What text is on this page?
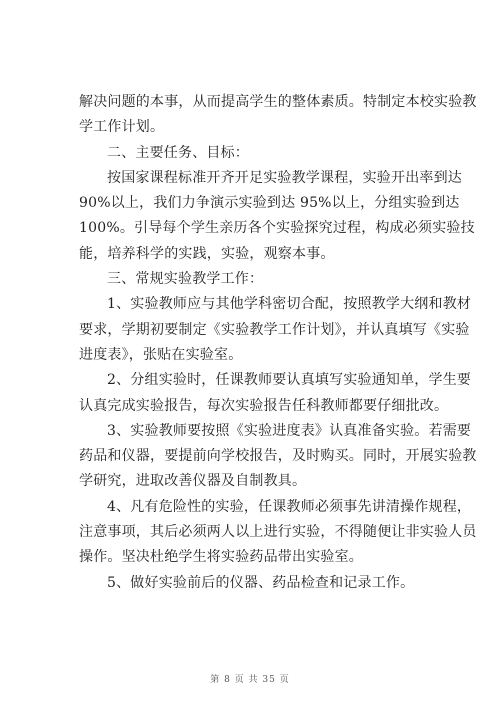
解决问题的本事，从而提高学生的整体素质。特制定本校实验教
学工作计划。
二、主要任务、目标：
按国家课程标准开齐开足实验教学课程，实验开出率到达
90%以上，我们力争演示实验到达 95%以上，分组实验到达
100%。引导每个学生亲历各个实验探究过程，构成必须实验技
能，培养科学的实践，实验，观察本事。
三、常规实验教学工作：
1、实验教师应与其他学科密切合配，按照教学大纲和教材
要求，学期初要制定《实验教学工作计划》，并认真填写《实验
进度表》，张贴在实验室。
2、分组实验时，任课教师要认真填写实验通知单，学生要
认真完成实验报告，每次实验报告任科教师都要仔细批改。
3、实验教师要按照《实验进度表》认真准备实验。若需要
药品和仪器，要提前向学校报告，及时购买。同时，开展实验教
学研究，进取改善仪器及自制教具。
4、凡有危险性的实验，任课教师必须事先讲清操作规程，
注意事项，其后必须两人以上进行实验，不得随便让非实验人员
操作。坚决杜绝学生将实验药品带出实验室。
5、做好实验前后的仪器、药品检查和记录工作。
第 8 页 共 35 页
